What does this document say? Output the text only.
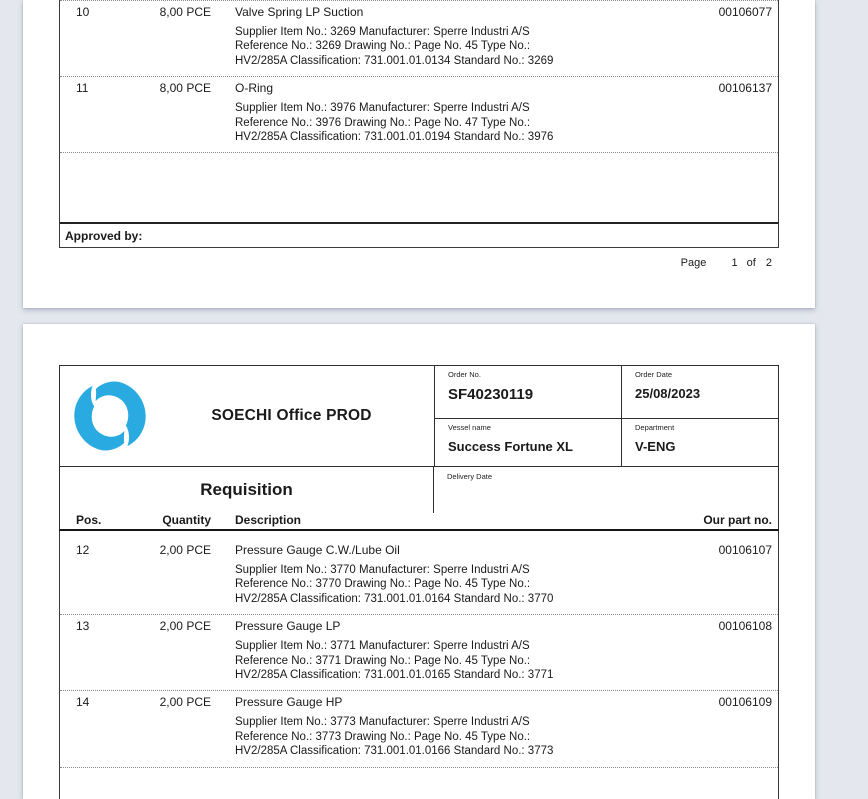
10	8,00 PCE	Valve Spring LP Suction	00106077
Supplier Item No.: 3269 Manufacturer: Sperre Industri A/S
Reference No.: 3269 Drawing No.: Page No. 45 Type No.:
HV2/285A Classification: 731.001.01.0134 Standard No.: 3269
11	8,00 PCE	O-Ring	00106137
Supplier Item No.: 3976 Manufacturer: Sperre Industri A/S
Reference No.: 3976 Drawing No.: Page No. 47 Type No.:
HV2/285A Classification: 731.001.01.0194 Standard No.: 3976
Approved by:
Page 1 of 2
SOECHI Office PROD
Order No.
SF40230119
Order Date
25/08/2023
Vessel name
Success Fortune XL
Department
V-ENG
Requisition
Delivery Date
Pos.	Quantity	Description	Our part no.
12	2,00 PCE	Pressure Gauge C.W./Lube Oil	00106107
Supplier Item No.: 3770 Manufacturer: Sperre Industri A/S
Reference No.: 3770 Drawing No.: Page No. 45 Type No.:
HV2/285A Classification: 731.001.01.0164 Standard No.: 3770
13	2,00 PCE	Pressure Gauge LP	00106108
Supplier Item No.: 3771 Manufacturer: Sperre Industri A/S
Reference No.: 3771 Drawing No.: Page No. 45 Type No.:
HV2/285A Classification: 731.001.01.0165 Standard No.: 3771
14	2,00 PCE	Pressure Gauge HP	00106109
Supplier Item No.: 3773 Manufacturer: Sperre Industri A/S
Reference No.: 3773 Drawing No.: Page No. 45 Type No.:
HV2/285A Classification: 731.001.01.0166 Standard No.: 3773
